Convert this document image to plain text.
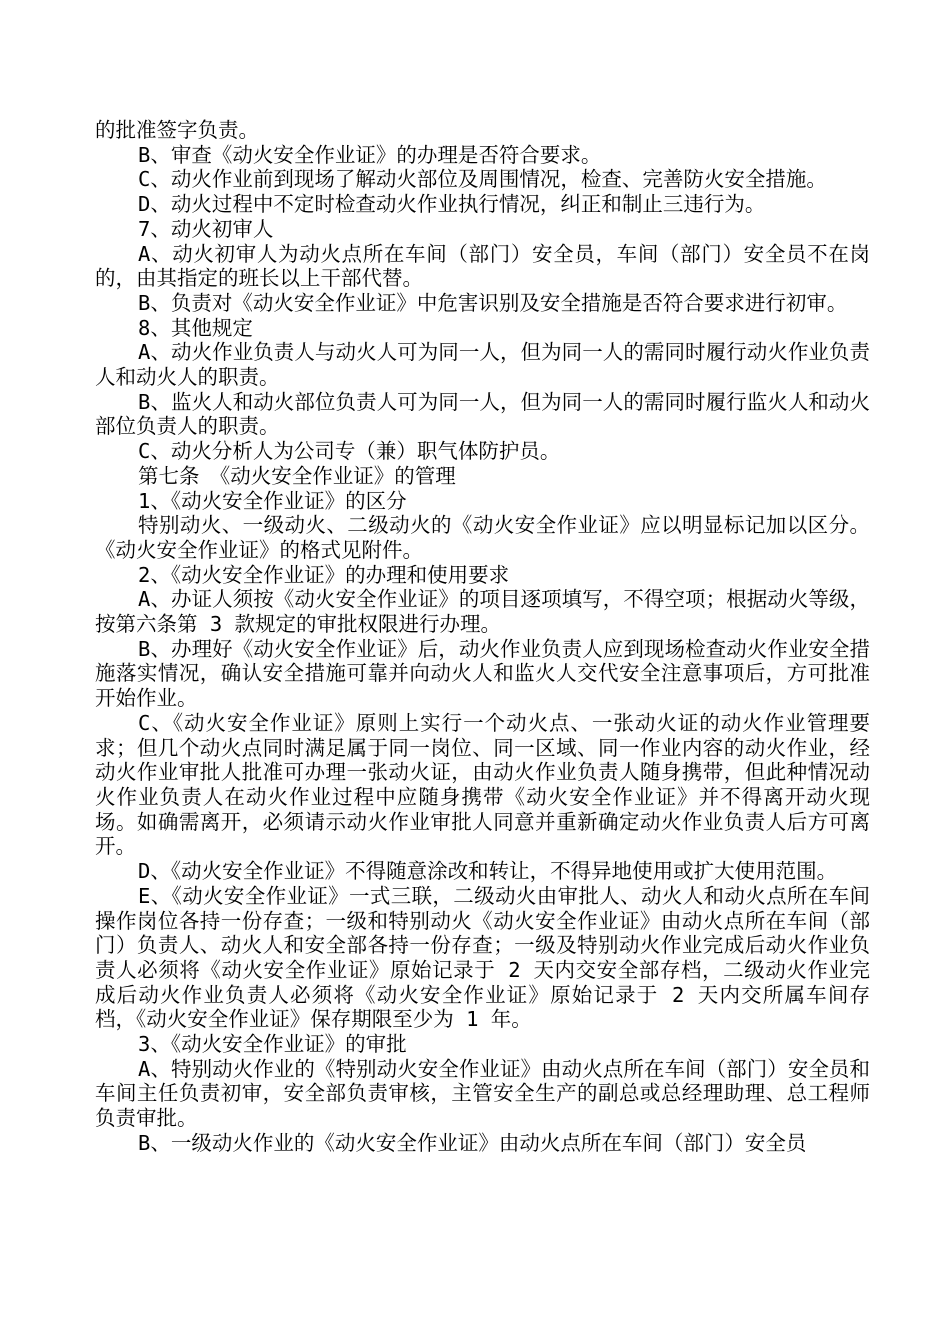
的批准签字负责。

B、审查《动火安全作业证》的办理是否符合要求。

C、动火作业前到现场了解动火部位及周围情况，检查、完善防火安全措施。

D、动火过程中不定时检查动火作业执行情况，纠正和制止三违行为。

7、动火初审人

A、动火初审人为动火点所在车间（部门）安全员，车间（部门）安全员不在岗的，由其指定的班长以上干部代替。

B、负责对《动火安全作业证》中危害识别及安全措施是否符合要求进行初审。

8、其他规定

A、动火作业负责人与动火人可为同一人，但为同一人的需同时履行动火作业负责人和动火人的职责。

B、监火人和动火部位负责人可为同一人，但为同一人的需同时履行监火人和动火部位负责人的职责。

C、动火分析人为公司专（兼）职气体防护员。

第七条　《动火安全作业证》的管理

1、《动火安全作业证》的区分

特别动火、一级动火、二级动火的《动火安全作业证》应以明显标记加以区分。《动火安全作业证》的格式见附件。

2、《动火安全作业证》的办理和使用要求

A、办证人须按《动火安全作业证》的项目逐项填写，不得空项；根据动火等级，按第六条第 3 款规定的审批权限进行办理。

B、办理好《动火安全作业证》后，动火作业负责人应到现场检查动火作业安全措施落实情况，确认安全措施可靠并向动火人和监火人交代安全注意事项后，方可批准开始作业。

C、《动火安全作业证》原则上实行一个动火点、一张动火证的动火作业管理要求；但几个动火点同时满足属于同一岗位、同一区域、同一作业内容的动火作业，经动火作业审批人批准可办理一张动火证，由动火作业负责人随身携带，但此种情况动火作业负责人在动火作业过程中应随身携带《动火安全作业证》并不得离开动火现场。如确需离开，必须请示动火作业审批人同意并重新确定动火作业负责人后方可离开。

D、《动火安全作业证》不得随意涂改和转让，不得异地使用或扩大使用范围。

E、《动火安全作业证》一式三联，二级动火由审批人、动火人和动火点所在车间操作岗位各持一份存查；一级和特别动火《动火安全作业证》由动火点所在车间（部门）负责人、动火人和安全部各持一份存查；一级及特别动火作业完成后动火作业负责人必须将《动火安全作业证》原始记录于 2 天内交安全部存档，二级动火作业完成后动火作业负责人必须将《动火安全作业证》原始记录于 2 天内交所属车间存档，《动火安全作业证》保存期限至少为 1 年。

3、《动火安全作业证》的审批

A、特别动火作业的《特别动火安全作业证》由动火点所在车间（部门）安全员和车间主任负责初审，安全部负责审核，主管安全生产的副总或总经理助理、总工程师负责审批。

B、一级动火作业的《动火安全作业证》由动火点所在车间（部门）安全员
